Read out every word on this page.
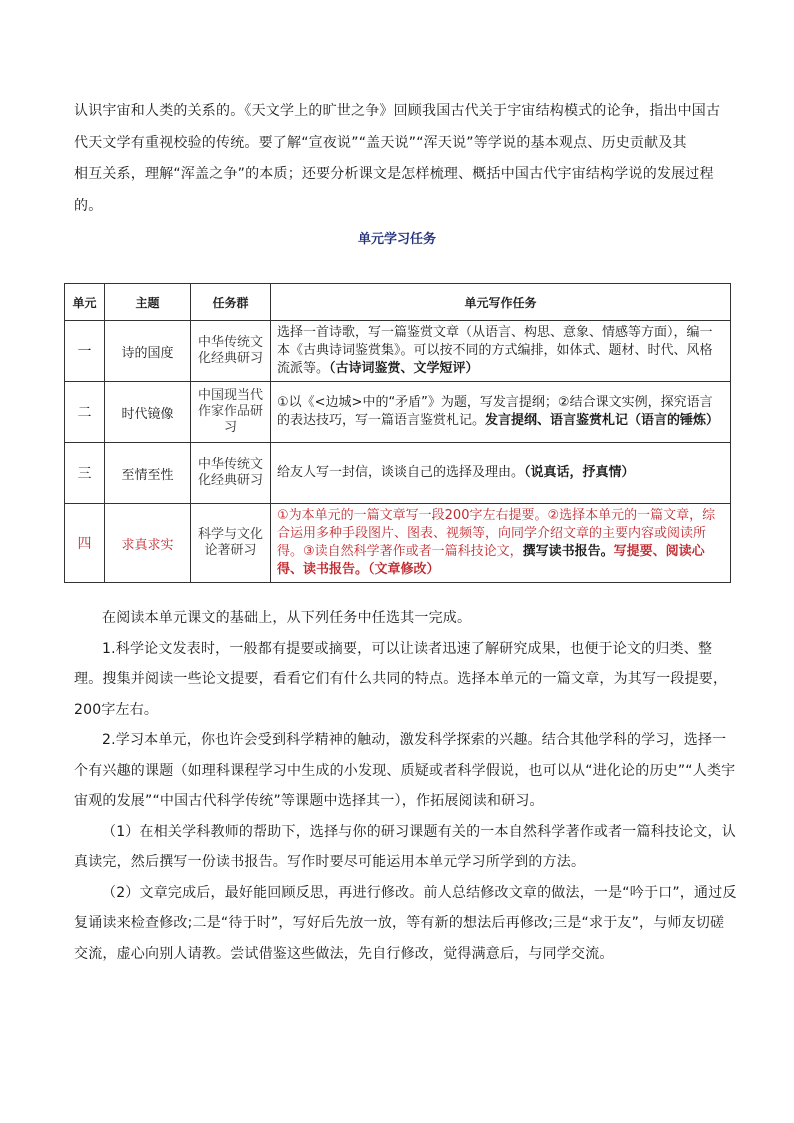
认识宇宙和人类的关系的。《天文学上的旷世之争》回顾我国古代关于宇宙结构模式的论争，指出中国古

代天文学有重视校验的传统。要了解“宣夜说”“盖天说”“浑天说”等学说的基本观点、历史贡献及其

相互关系，理解“浑盖之争”的本质；还要分析课文是怎样梳理、概括中国古代宇宙结构学说的发展过程

的。

单元学习任务
单元	主题	任务群	单元写作任务
一	诗的国度	中华传统文化经典研习	选择一首诗歌，写一篇鉴赏文章（从语言、构思、意象、情感等方面），编一本《古典诗词鉴赏集》。可以按不同的方式编排，如体式、题材、时代、风格流派等。（古诗词鉴赏、文学短评）
二	时代镜像	中国现当代作家作品研习	①以《<边城>中的“矛盾”》为题，写发言提纲；②结合课文实例，探究语言的表达技巧，写一篇语言鉴赏札记。发言提纲、语言鉴赏札记（语言的锤炼）
三	至情至性	中华传统文化经典研习	给友人写一封信，谈谈自己的选择及理由。（说真话，抒真情）
四	求真求实	科学与文化论著研习	①为本单元的一篇文章写一段200字左右提要。②选择本单元的一篇文章，综合运用多种手段图片、图表、视频等，向同学介绍文章的主要内容或阅读所得。③读自然科学著作或者一篇科技论文，撰写读书报告。写提要、阅读心得、读书报告。（文章修改）

在阅读本单元课文的基础上，从下列任务中任选其一完成。

1.科学论文发表时，一般都有提要或摘要，可以让读者迅速了解研究成果，也便于论文的归类、整理。搜集并阅读一些论文提要，看看它们有什么共同的特点。选择本单元的一篇文章，为其写一段提要，200字左右。

2.学习本单元，你也许会受到科学精神的触动，激发科学探索的兴趣。结合其他学科的学习，选择一个有兴趣的课题（如理科课程学习中生成的小发现、质疑或者科学假说，也可以从“进化论的历史”“人类宇宙观的发展”“中国古代科学传统”等课题中选择其一），作拓展阅读和研习。

（1）在相关学科教师的帮助下，选择与你的研习课题有关的一本自然科学著作或者一篇科技论文，认真读完，然后撰写一份读书报告。写作时要尽可能运用本单元学习所学到的方法。

（2）文章完成后，最好能回顾反思，再进行修改。前人总结修改文章的做法，一是“吟于口”，通过反复诵读来检查修改;二是“待于时”，写好后先放一放，等有新的想法后再修改;三是“求于友”，与师友切磋交流，虚心向别人请教。尝试借鉴这些做法，先自行修改，觉得满意后，与同学交流。
